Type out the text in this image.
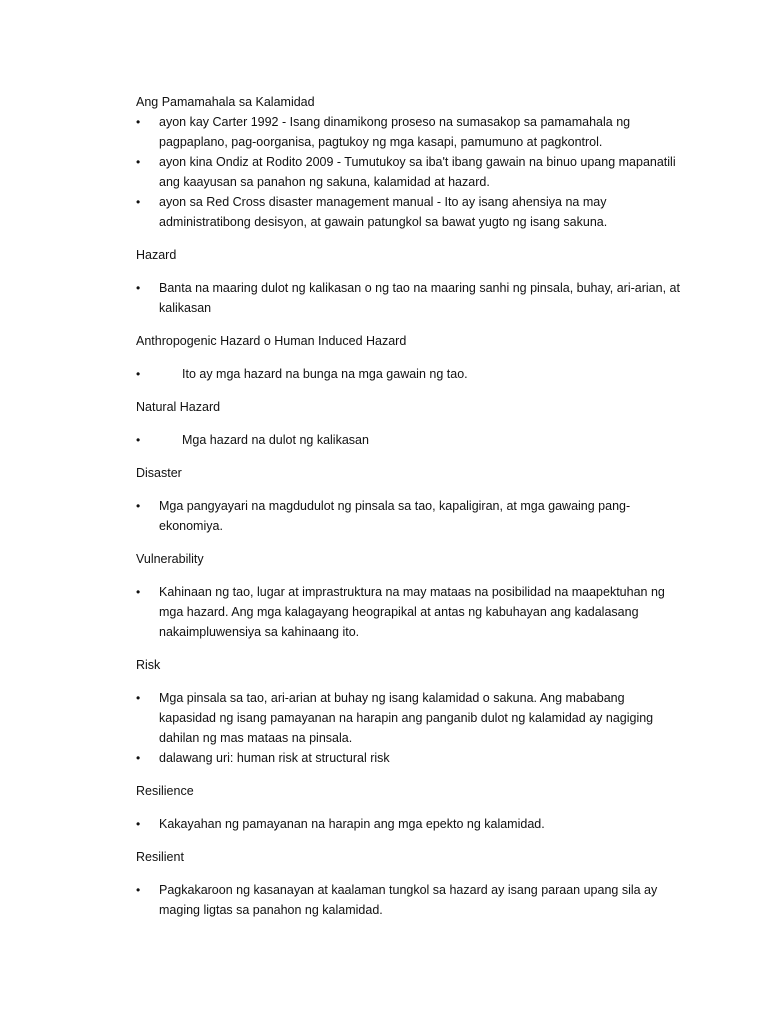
Ang Pamamahala sa Kalamidad

• ayon kay Carter 1992 - Isang dinamikong proseso na sumasakop sa pamamahala ng pagpaplano, pag-oorganisa, pagtukoy ng mga kasapi, pamumuno at pagkontrol.
• ayon kina Ondiz at Rodito 2009 - Tumutukoy sa iba't ibang gawain na binuo upang mapanatili ang kaayusan sa panahon ng sakuna, kalamidad at hazard.
• ayon sa Red Cross disaster management manual - Ito ay isang ahensiya na may administratibong desisyon, at gawain patungkol sa bawat yugto ng isang sakuna.

Hazard

• Banta na maaring dulot ng kalikasan o ng tao na maaring sanhi ng pinsala, buhay, ari-arian, at kalikasan

Anthropogenic Hazard o Human Induced Hazard

•	Ito ay mga hazard na bunga na mga gawain ng tao.

Natural Hazard

•	Mga hazard na dulot ng kalikasan

Disaster

• Mga pangyayari na magdudulot ng pinsala sa tao, kapaligiran, at mga gawaing pang-ekonomiya.

Vulnerability

• Kahinaan ng tao, lugar at imprastruktura na may mataas na posibilidad na maapektuhan ng mga hazard. Ang mga kalagayang heograpikal at antas ng kabuhayan ang kadalasang nakaimpluwensiya sa kahinaang ito.

Risk

• Mga pinsala sa tao, ari-arian at buhay ng isang kalamidad o sakuna. Ang mababang kapasidad ng isang pamayanan na harapin ang panganib dulot ng kalamidad ay nagiging dahilan ng mas mataas na pinsala.
• dalawang uri: human risk at structural risk

Resilience

• Kakayahan ng pamayanan na harapin ang mga epekto ng kalamidad.

Resilient

• Pagkakaroon ng kasanayan at kaalaman tungkol sa hazard ay isang paraan upang sila ay maging ligtas sa panahon ng kalamidad.
